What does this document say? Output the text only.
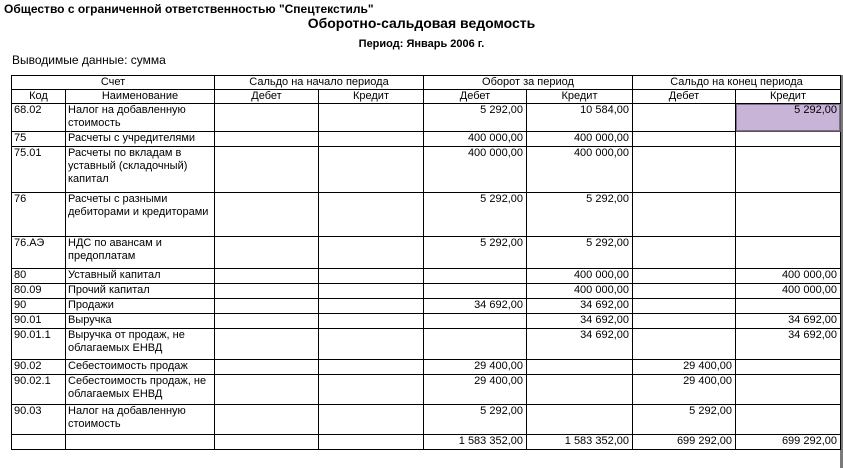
Общество с ограниченной ответственностью "Спецтекстиль"
Оборотно-сальдовая ведомость
Период: Январь 2006 г.
Выводимые данные: сумма
Счет		Сальдо на начало периода		Оборот за период		Сальдо на конец периода	
Код	Наименование	Дебет	Кредит	Дебет	Кредит	Дебет	Кредит
68.02	Налог на добавленную стоимость			5 292,00	10 584,00		5 292,00
75	Расчеты с учредителями			400 000,00	400 000,00		
75.01	Расчеты по вкладам в уставный (складочный) капитал			400 000,00	400 000,00		
76	Расчеты с разными дебиторами и кредиторами			5 292,00	5 292,00		
76.АЭ	НДС по авансам и предоплатам			5 292,00	5 292,00		
80	Уставный капитал				400 000,00		400 000,00
80.09	Прочий капитал				400 000,00		400 000,00
90	Продажи			34 692,00	34 692,00		
90.01	Выручка				34 692,00		34 692,00
90.01.1	Выручка от продаж, не облагаемых ЕНВД				34 692,00		34 692,00
90.02	Себестоимость продаж			29 400,00		29 400,00	
90.02.1	Себестоимость продаж, не облагаемых ЕНВД			29 400,00		29 400,00	
90.03	Налог на добавленную стоимость			5 292,00		5 292,00	
				1 583 352,00	1 583 352,00	699 292,00	699 292,00
